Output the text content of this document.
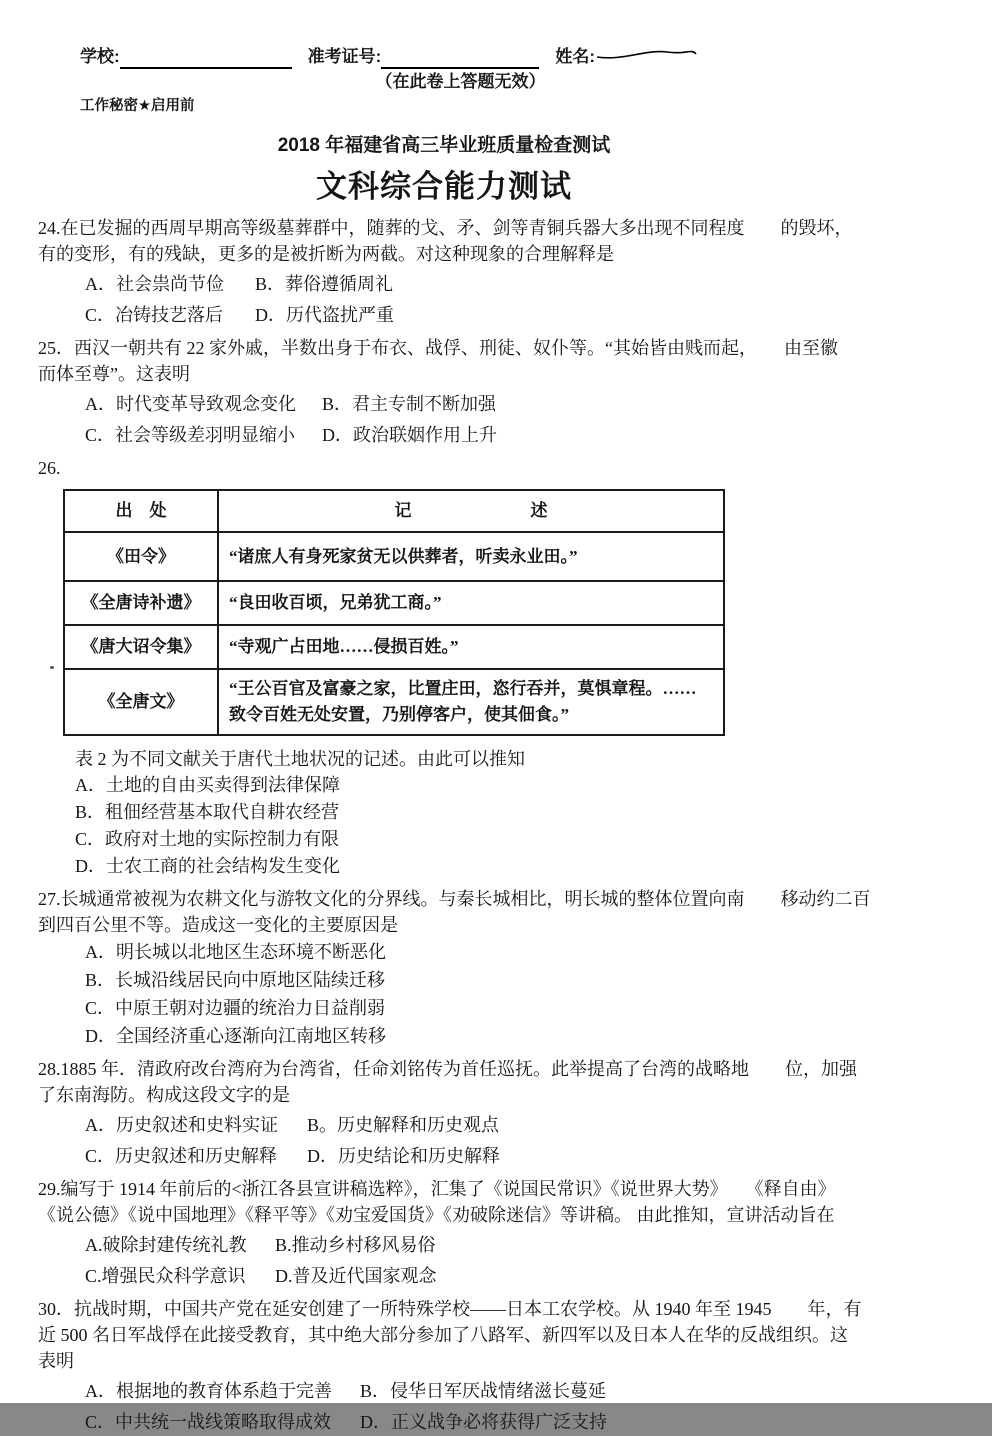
学校:	准考证号:	姓名:
（在此卷上答题无效）
工作秘密★启用前
2018 年福建省高三毕业班质量检查测试
文科综合能力测试
24.在已发掘的西周早期高等级墓葬群中，随葬的戈、矛、剑等青铜兵器大多出现不同程度　　的毁坏，
有的变形，有的残缺，更多的是被折断为两截。对这种现象的合理解释是
A．社会祟尚节俭	B．葬俗遵循周礼
C．冶铸技艺落后	D．历代盗扰严重
25．西汉一朝共有 22 家外戚，半数出身于布衣、战俘、刑徒、奴仆等。“其始皆由贱而起，　　由至徽
而体至尊”。这表明
A．时代变革导致观念变化	B．君主专制不断加强
C．社会等级差羽明显缩小	D．政治联姻作用上升
26.
出　处	记　　　　　　　述
《田令》	“诸庶人有身死家贫无以供葬者，听卖永业田。”
《全唐诗补遗》	“良田收百顷，兄弟犹工商。”
《唐大诏令集》	“寺观广占田地……侵损百姓。”
《全唐文》	“王公百官及富豪之家，比置庄田，恣行吞并，莫惧章程。……致令百姓无处安置，乃别停客户，使其佃食。”
表 2 为不同文献关于唐代土地状况的记述。由此可以推知
A．土地的自由买卖得到法律保障
B．租佃经营基本取代自耕农经营
C．政府对土地的实际控制力有限
D．士农工商的社会结构发生变化
27.长城通常被视为农耕文化与游牧文化的分界线。与秦长城相比，明长城的整体位置向南　　移动约二百
到四百公里不等。造成这一变化的主要原因是
A．明长城以北地区生态环境不断恶化
B．长城沿线居民向中原地区陆续迁移
C．中原王朝对边疆的统治力日益削弱
D．全国经济重心逐渐向江南地区转移
28.1885 年．清政府改台湾府为台湾省，任命刘铭传为首任巡抚。此举提高了台湾的战略地　　位，加强
了东南海防。构成这段文字的是
A．历史叙述和史料实证	B。历史解释和历史观点
C．历史叙述和历史解释	D．历史结论和历史解释
29.编写于 1914 年前后的<浙江各县宣讲稿选粹》，汇集了《说国民常识》《说世界大势》　　《释自由》
《说公德》《说中国地理》《释平等》《劝宝爱国货》《劝破除迷信》等讲稿。 由此推知，宣讲活动旨在
A.破除封建传统礼教	B.推动乡村移风易俗
C.增强民众科学意识	D.普及近代国家观念
30．抗战时期，中国共产党在延安创建了一所特殊学校——日本工农学校。从 1940 年至 1945　　年，有
近 500 名日军战俘在此接受教育，其中绝大部分参加了八路军、新四军以及日本人在华的反战组织。这
表明
A．根据地的教育体系趋于完善	B．侵华日军厌战情绪滋长蔓延
C．中共统一战线策略取得成效	D．正义战争必将获得广泛支持
